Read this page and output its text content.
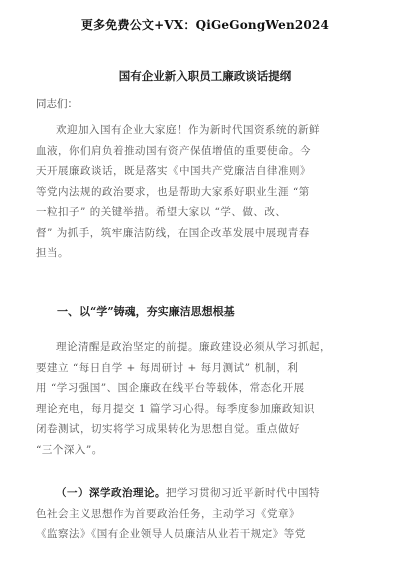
更多免费公文+VX：QiGeGongWen2024
国有企业新入职员工廉政谈话提纲
同志们：
欢迎加入国有企业大家庭！作为新时代国资系统的新鲜
血液，你们肩负着推动国有资产保值增值的重要使命。今
天开展廉政谈话，既是落实《中国共产党廉洁自律准则》
等党内法规的政治要求，也是帮助大家系好职业生涯 “第
一粒扣子” 的关键举措。希望大家以 “学、做、改、
督” 为抓手，筑牢廉洁防线，在国企改革发展中展现青春
担当。
一、以“学”铸魂，夯实廉洁思想根基
理论清醒是政治坚定的前提。廉政建设必须从学习抓起，
要建立 “每日自学 + 每周研讨 + 每月测试” 机制，利
用 “学习强国”、国企廉政在线平台等载体，常态化开展
理论充电，每月提交 1 篇学习心得。每季度参加廉政知识
闭卷测试，切实将学习成果转化为思想自觉。重点做好
“三个深入”。
（一）深学政治理论。把学习贯彻习近平新时代中国特
色社会主义思想作为首要政治任务，主动学习《党章》
《监察法》《国有企业领导人员廉洁从业若干规定》等党
